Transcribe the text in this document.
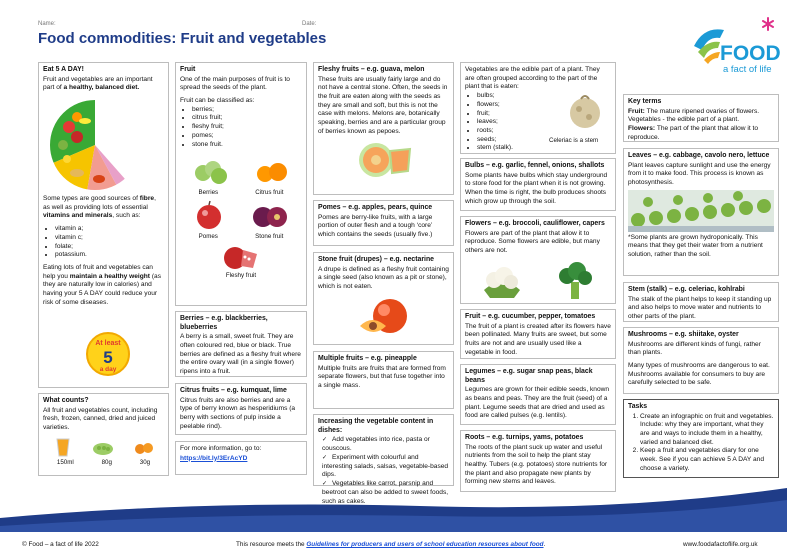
Name:	Date:
Food commodities: Fruit and vegetables
FOOD
a fact of life
Eat 5 A DAY!

Fruit and vegetables are an important part of a healthy, balanced diet.

Some types are good sources of fibre, as well as providing lots of essential vitamins and minerals, such as:

• vitamin a;
• vitamin c;
• folate;
• potassium.

Eating lots of fruit and vegetables can help you maintain a healthy weight (as they are naturally low in calories) and having your 5 A DAY could reduce your risk of some diseases.

At least
5
a day
What counts?

All fruit and vegetables count, including fresh, frozen, canned, dried and juiced varieties.

150ml	80g	30g
Fruit

One of the main purposes of fruit is to spread the seeds of the plant.

Fruit can be classified as:

• berries;
• citrus fruit;
• fleshy fruit;
• pomes;
• stone fruit.
Berries	Citrus fruit
Pomes	Stone fruit
Fleshy fruit
Berries – e.g. blackberries, blueberries

A berry is a small, sweet fruit. They are often coloured red, blue or black. True berries are defined as a fleshy fruit where the entire ovary wall (in a single flower) ripens into a fruit.

Citrus fruits – e.g. kumquat, lime

Citrus fruits are also berries and are a type of berry known as hesperidiums (a berry with sections of pulp inside a peelable rind).

For more information, go to:

https://bit.ly/3ErAcYD
Fleshy fruits – e.g. guava, melon

These fruits are usually fairly large and do not have a central stone. Often, the seeds in the fruit are eaten along with the seeds as they are small and soft, but this is not the case with melons. Melons are, botanically speaking, berries and are a particular group of berries known as pepoes.

Pomes – e.g. apples, pears, quince

Pomes are berry-like fruits, with a large portion of outer flesh and a tough ‘core’ which contains the seeds (usually five.)

Stone fruit (drupes) – e.g. nectarine

A drupe is defined as a fleshy fruit containing a single seed (also known as a pit or stone), which is not eaten.

Multiple fruits – e.g. pineapple

Multiple fruits are fruits that are formed from separate flowers, but that fuse together into a single mass.

Increasing the vegetable content in dishes:
✓ Add vegetables into rice, pasta or couscous.
✓ Experiment with colourful and interesting salads, salsas, vegetable-based dips.
✓ Vegetables like carrot, parsnip and beetroot can also be added to sweet foods, such as cakes.
✓

Vegetables are the edible part of a plant. They are often grouped according to the part of the plant that is eaten:

• bulbs;
• flowers;
• fruit;
• leaves;
• roots;
• seeds;
• stem (stalk).
Celeriac is a stem
Bulbs – e.g. garlic, fennel, onions, shallots

Some plants have bulbs which stay underground to store food for the plant when it is not growing. When the time is right, the bulb produces shoots which grow up through the soil.

Flowers – e.g. broccoli, cauliflower, capers

Flowers are part of the plant that allow it to reproduce. Some flowers are edible, but many others are not.

Fruit – e.g. cucumber, pepper, tomatoes

The fruit of a plant is created after its flowers have been pollinated. Many fruits are sweet, but some fruits are not and are usually used like a vegetable in food.

Legumes – e.g. sugar snap peas, black beans

Legumes are grown for their edible seeds, known as beans and peas. They are the fruit (seed) of a plant. Legume seeds that are dried and used as food are called pulses (e.g. lentils).

Roots – e.g. turnips, yams, potatoes

The roots of the plant suck up water and useful nutrients from the soil to help the plant stay healthy. Tubers (e.g. potatoes) store nutrients for the plant and also propagate new plants by forming new stems and leaves.

Key terms
Fruit: The mature ripened ovaries of flowers.
Vegetables - the edible part of a plant.
Flowers: The part of the plant that allow it to reproduce.
Leaves – e.g. cabbage, cavolo nero, lettuce

Plant leaves capture sunlight and use the energy from it to make food. This process is known as photosynthesis.

*Some plants are grown hydroponically. This means that they get their water from a nutrient solution, rather than the soil.

Stem (stalk) – e.g. celeriac, kohlrabi

The stalk of the plant helps to keep it standing up and also helps to move water and nutrients to other parts of the plant.

Mushrooms – e.g. shiitake, oyster

Mushrooms are different kinds of fungi, rather than plants.

Many types of mushrooms are dangerous to eat. Mushrooms available for consumers to buy are carefully selected to be safe.

Tasks
1. Create an infographic on fruit and vegetables. Include: why they are important, what they are and ways to include them in a healthy, varied and balanced diet.
2. Keep a fruit and vegetables diary for one week. See if you can achieve 5 A DAY and choose a variety.
© Food – a fact of life 2022	This resource meets the Guidelines for producers and users of school education resources about food.	www.foodafactoflife.org.uk
